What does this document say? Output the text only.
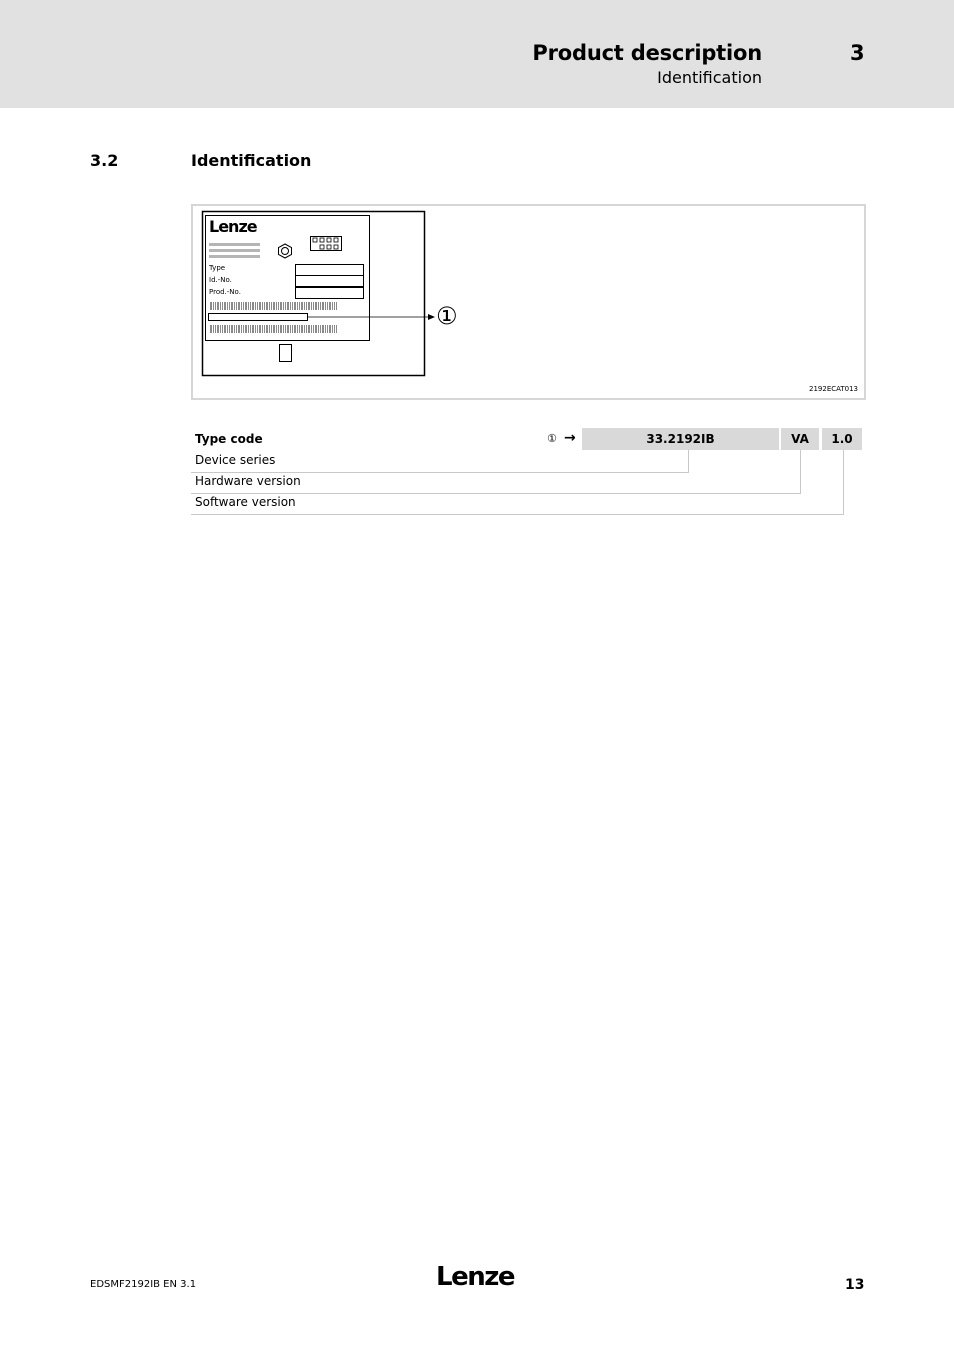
Product description
Identification
3
3.2	Identification
Lenze
Type
Id.-No.
Prod.-No.
①
2192ECAT013
Type code	① →	33.2192IB	VA	1.0
Device series
Hardware version
Software version
EDSMF2192IB EN 3.1	Lenze	13
